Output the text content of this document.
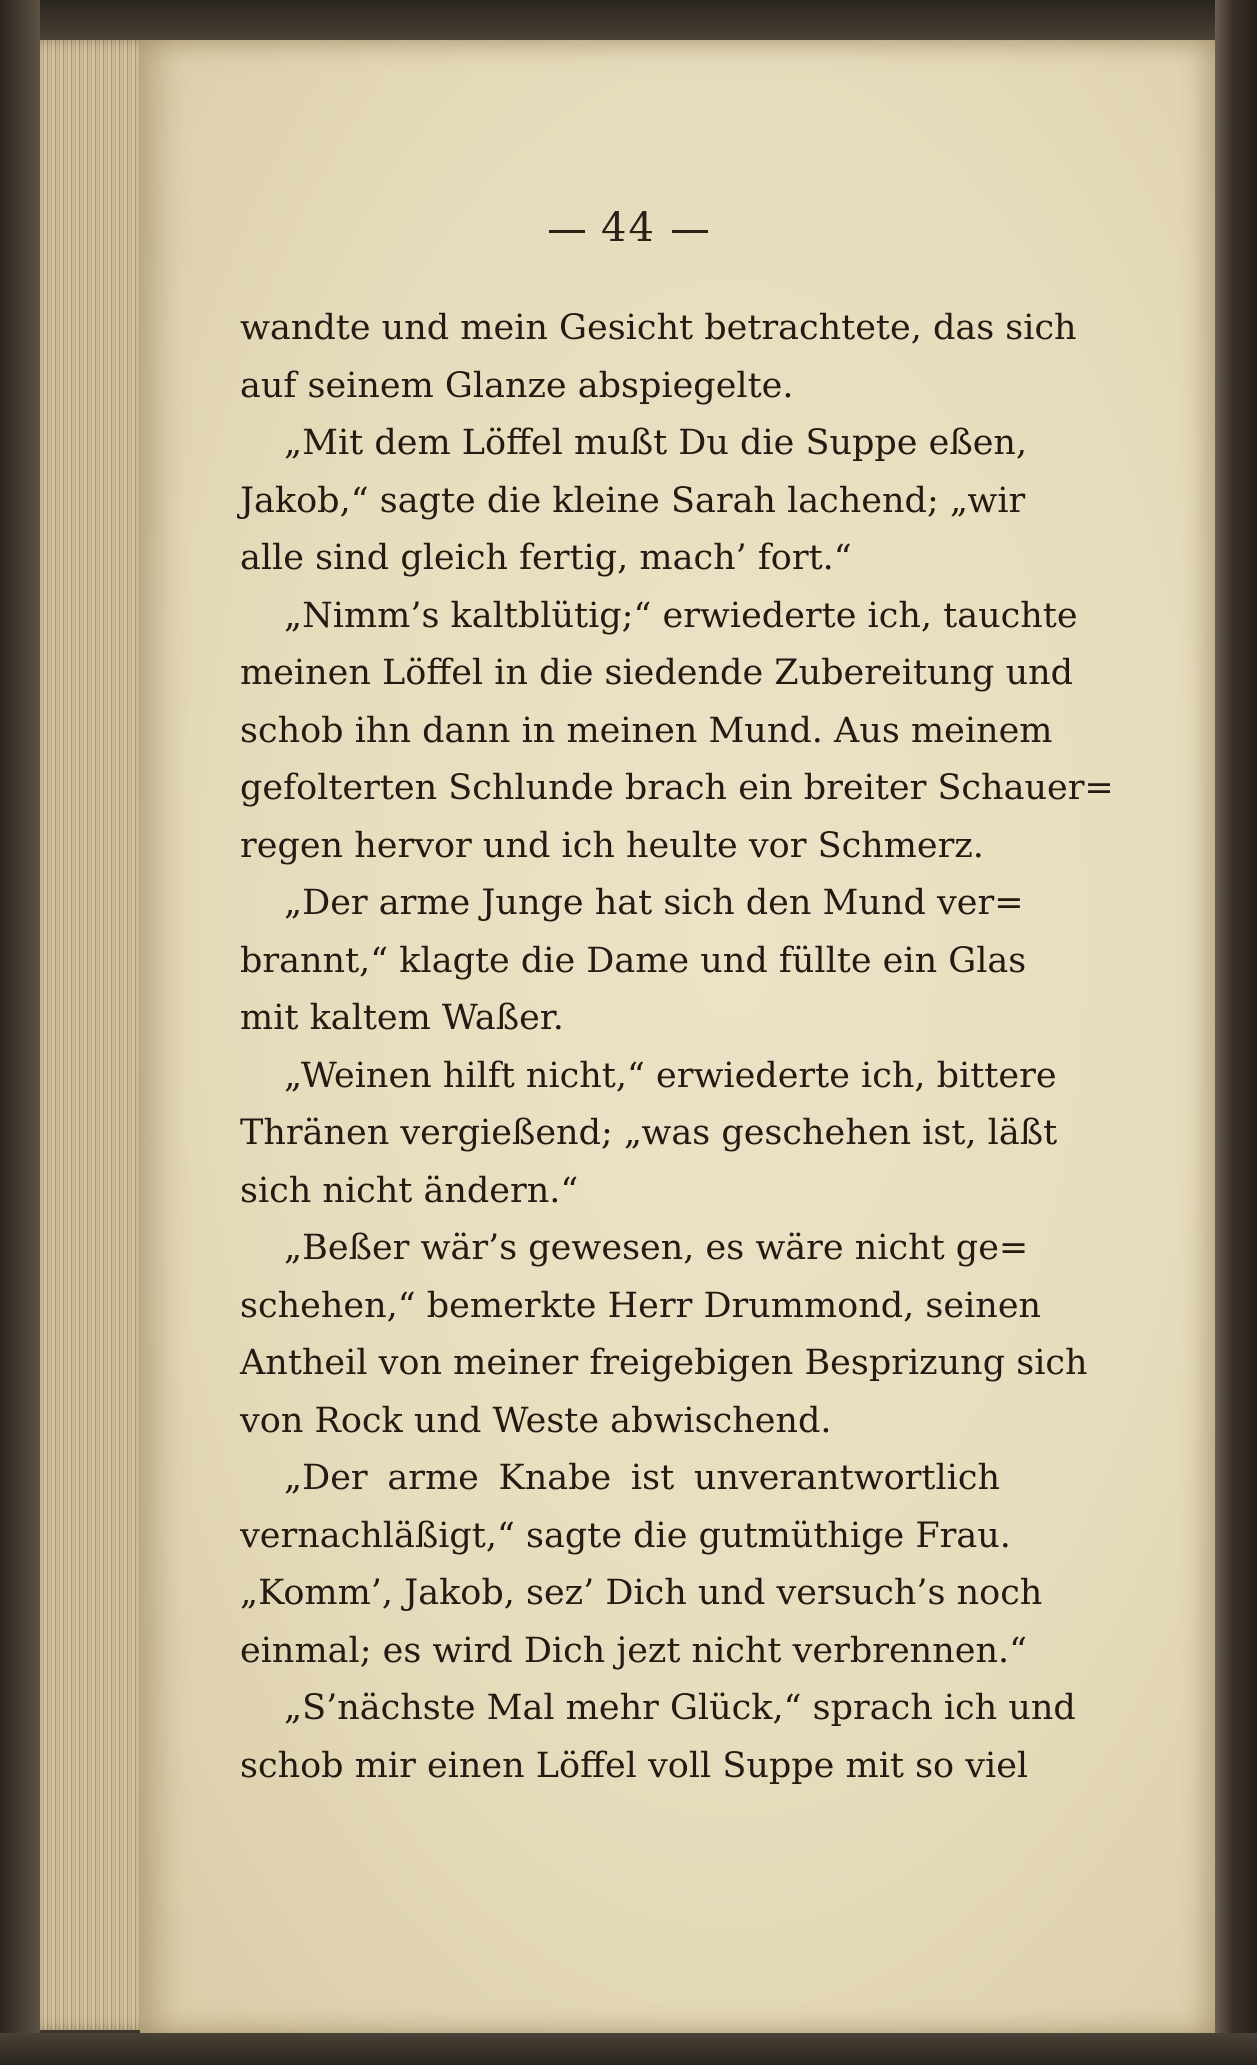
44
wandte und mein Gesicht betrachtete, das sich
auf seinem Glanze abspiegelte.
„Mit dem Löffel mußt Du die Suppe eßen,
Jakob,“ sagte die kleine Sarah lachend; „wir
alle sind gleich fertig, mach’ fort.“
„Nimm’s kaltblütig;“ erwiederte ich, tauchte
meinen Löffel in die siedende Zubereitung und
schob ihn dann in meinen Mund. Aus meinem
gefolterten Schlunde brach ein breiter Schauer=
regen hervor und ich heulte vor Schmerz.
„Der arme Junge hat sich den Mund ver=
brannt,“ klagte die Dame und füllte ein Glas
mit kaltem Waßer.
„Weinen hilft nicht,“ erwiederte ich, bittere
Thränen vergießend; „was geschehen ist, läßt
sich nicht ändern.“
„Beßer wär’s gewesen, es wäre nicht ge=
schehen,“ bemerkte Herr Drummond, seinen
Antheil von meiner freigebigen Besprizung sich
von Rock und Weste abwischend.
„Der arme Knabe ist unverantwortlich
vernachläßigt,“ sagte die gutmüthige Frau.
„Komm’, Jakob, sez’ Dich und versuch’s noch
einmal; es wird Dich jezt nicht verbrennen.“
„S’nächste Mal mehr Glück,“ sprach ich und
schob mir einen Löffel voll Suppe mit so viel
